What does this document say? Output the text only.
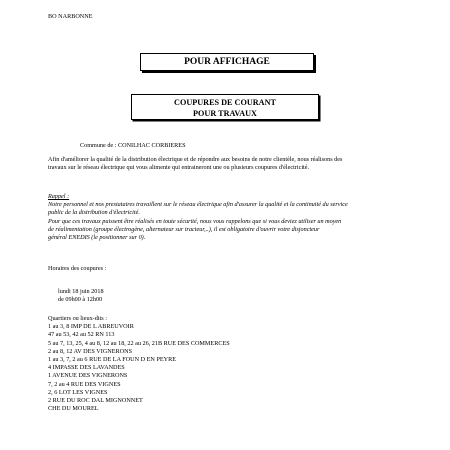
BO NARBONNE
POUR AFFICHAGE
COUPURES DE COURANT
POUR TRAVAUX
Commune de : CONILHAC CORBIERES
Afin d'améliorer la qualité de la distribution électrique et de répondre aux besoins de notre clientèle, nous réalisons des
travaux sur le réseau électrique qui vous alimente qui entraineront une ou plusieurs coupures d'électricité.
Rappel :
Notre personnel et nos prestataires travaillent sur le réseau électrique afin d'assurer la qualité et la continuité du service
public de la distribution d'électricité.
Pour que ces travaux puissent être réalisés en toute sécurité, nous vous rappelons que si vous deviez utiliser un moyen
de réalimentation (groupe électrogène, alternateur sur tracteur,..), il est obligatoire d'ouvrir votre disjoncteur
général ENEDIS (le positionner sur 0).
Horaires des coupures :
lundi 18 juin 2018
de 09h00 à 12h00
Quartiers ou lieux-dits :
1 au 3, 8 IMP DE L ABREUVOIR
47 au 53, 42 au 52 RN 113
5 au 7, 13, 25, 4 au 8, 12 au 18, 22 au 26, 21B RUE DES COMMERCES
2 au 8, 12 AV DES VIGNERONS
1 au 3, 7, 2 au 6 RUE DE LA FOUN D EN PEYRE
4 IMPASSE DES LAVANDES
1 AVENUE DES VIGNERONS
7, 2 au 4 RUE DES VIGNES
2, 6 LOT LES VIGNES
2 RUE DU ROC DAL MIGNONNET
CHE DU MOUREL
